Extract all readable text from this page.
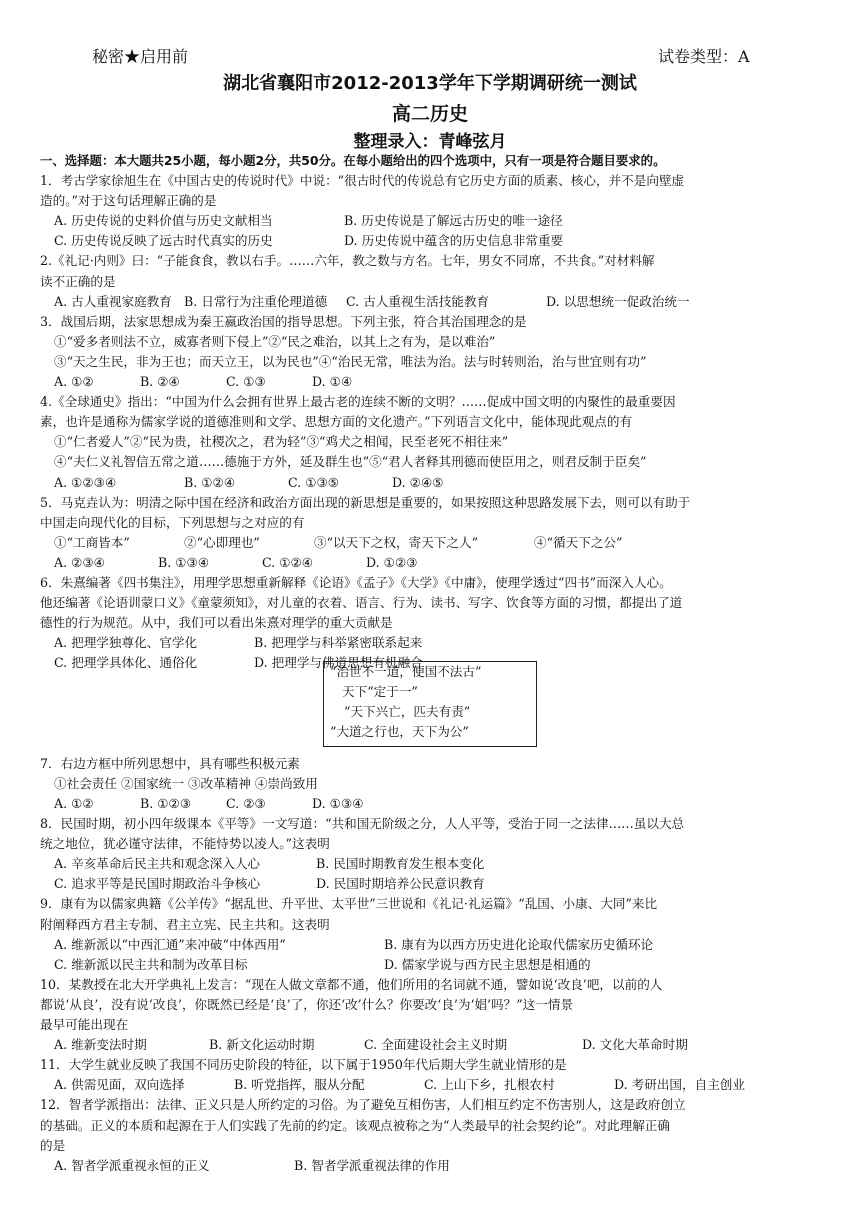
秘密★启用前	试卷类型：A
湖北省襄阳市2012-2013学年下学期调研统一测试
高二历史
整理录入：青峰弦月
一、选择题：本大题共25小题，每小题2分，共50分。在每小题给出的四个选项中，只有一项是符合题目要求的。
1．考古学家徐旭生在《中国古史的传说时代》中说：“很古时代的传说总有它历史方面的质素、核心，并不是向壁虚
造的。”对于这句话理解正确的是
A. 历史传说的史料价值与历史文献相当	B. 历史传说是了解远古历史的唯一途径
C. 历史传说反映了远古时代真实的历史	D. 历史传说中蕴含的历史信息非常重要
2.《礼记·内则》曰：“子能食食，教以右手。……六年，教之数与方名。七年，男女不同席，不共食。”对材料解
读不正确的是
A. 古人重视家庭教育 B. 日常行为注重伦理道德 C. 古人重视生活技能教育	D. 以思想统一促政治统一
3．战国后期，法家思想成为秦王嬴政治国的指导思想。下列主张，符合其治国理念的是
①“爱多者则法不立，威寡者则下侵上”②“民之难治，以其上之有为，是以难治”
③“天之生民，非为王也；而天立王，以为民也”④“治民无常，唯法为治。法与时转则治，治与世宜则有功”
A. ①②	B. ②④	C. ①③	D. ①④
4.《全球通史》指出：“中国为什么会拥有世界上最古老的连续不断的文明？……促成中国文明的内聚性的最重要因
素，也许是通称为儒家学说的道德准则和文学、思想方面的文化遗产。”下列语言文化中，能体现此观点的有
①“仁者爱人”②“民为贵，社稷次之，君为轻”③“鸡犬之相闻，民至老死不相往来”
④“夫仁义礼智信五常之道……德施于方外，延及群生也”⑤“君人者释其刑德而使臣用之，则君反制于臣矣”
A. ①②③④	B. ①②④	C. ①③⑤	D. ②④⑤
5．马克垚认为：明清之际中国在经济和政治方面出现的新思想是重要的，如果按照这种思路发展下去，则可以有助于
中国走向现代化的目标，下列思想与之对应的有
①“工商皆本”	②“心即理也”	③“以天下之权，寄天下之人”	④“循天下之公”
A. ②③④	B. ①③④	C. ①②④	D. ①②③
6．朱熹编著《四书集注》，用理学思想重新解释《论语》《孟子》《大学》《中庸》，使理学透过“四书”而深入人心。
他还编著《论语训蒙口义》《童蒙须知》，对儿童的衣着、语言、行为、读书、写字、饮食等方面的习惯，都提出了道
德性的行为规范。从中，我们可以看出朱熹对理学的重大贡献是
A. 把理学独尊化、官学化	B. 把理学与科举紧密联系起来
C. 把理学具体化、通俗化	D. 把理学与佛道思想有机融合
7．右边方框中所列思想中，具有哪些积极元素
①社会责任 ②国家统一 ③改革精神 ④崇尚致用
A. ①②	B. ①②③	C. ②③	D. ①③④
8．民国时期，初小四年级课本《平等》一文写道：“共和国无阶级之分，人人平等，受治于同一之法律……虽以大总
统之地位，犹必谨守法律，不能恃势以凌人。”这表明
A. 辛亥革命后民主共和观念深入人心	B. 民国时期教育发生根本变化
C. 追求平等是民国时期政治斗争核心	D. 民国时期培养公民意识教育
9．康有为以儒家典籍《公羊传》“据乱世、升平世、太平世”三世说和《礼记·礼运篇》“乱国、小康、大同”来比
附阐释西方君主专制、君主立宪、民主共和。这表明
A. 维新派以“中西汇通”来冲破“中体西用”	B. 康有为以西方历史进化论取代儒家历史循环论
C. 维新派以民主共和制为改革目标	D. 儒家学说与西方民主思想是相通的
10．某教授在北大开学典礼上发言：“现在人做文章都不通，他们所用的名词就不通，譬如说‘改良’吧，以前的人
都说‘从良’，没有说‘改良’，你既然已经是‘良’了，你还‘改’什么？你要改‘良’为‘娼’吗？”这一情景
最早可能出现在
A. 维新变法时期	B. 新文化运动时期	C. 全面建设社会主义时期	D. 文化大革命时期
11．大学生就业反映了我国不同历史阶段的特征，以下属于1950年代后期大学生就业情形的是
A. 供需见面，双向选择	B. 听党指挥，服从分配	C. 上山下乡，扎根农村	D. 考研出国，自主创业
12．智者学派指出：法律、正义只是人所约定的习俗。为了避免互相伤害，人们相互约定不伤害别人，这是政府创立
的基础。正义的本质和起源在于人们实践了先前的约定。该观点被称之为“人类最早的社会契约论”。对此理解正确
的是
A. 智者学派重视永恒的正义	B. 智者学派重视法律的作用
“治世不一道，便国不法古”
天下“定于一”
“天下兴亡，匹夫有责”
“大道之行也，天下为公”
